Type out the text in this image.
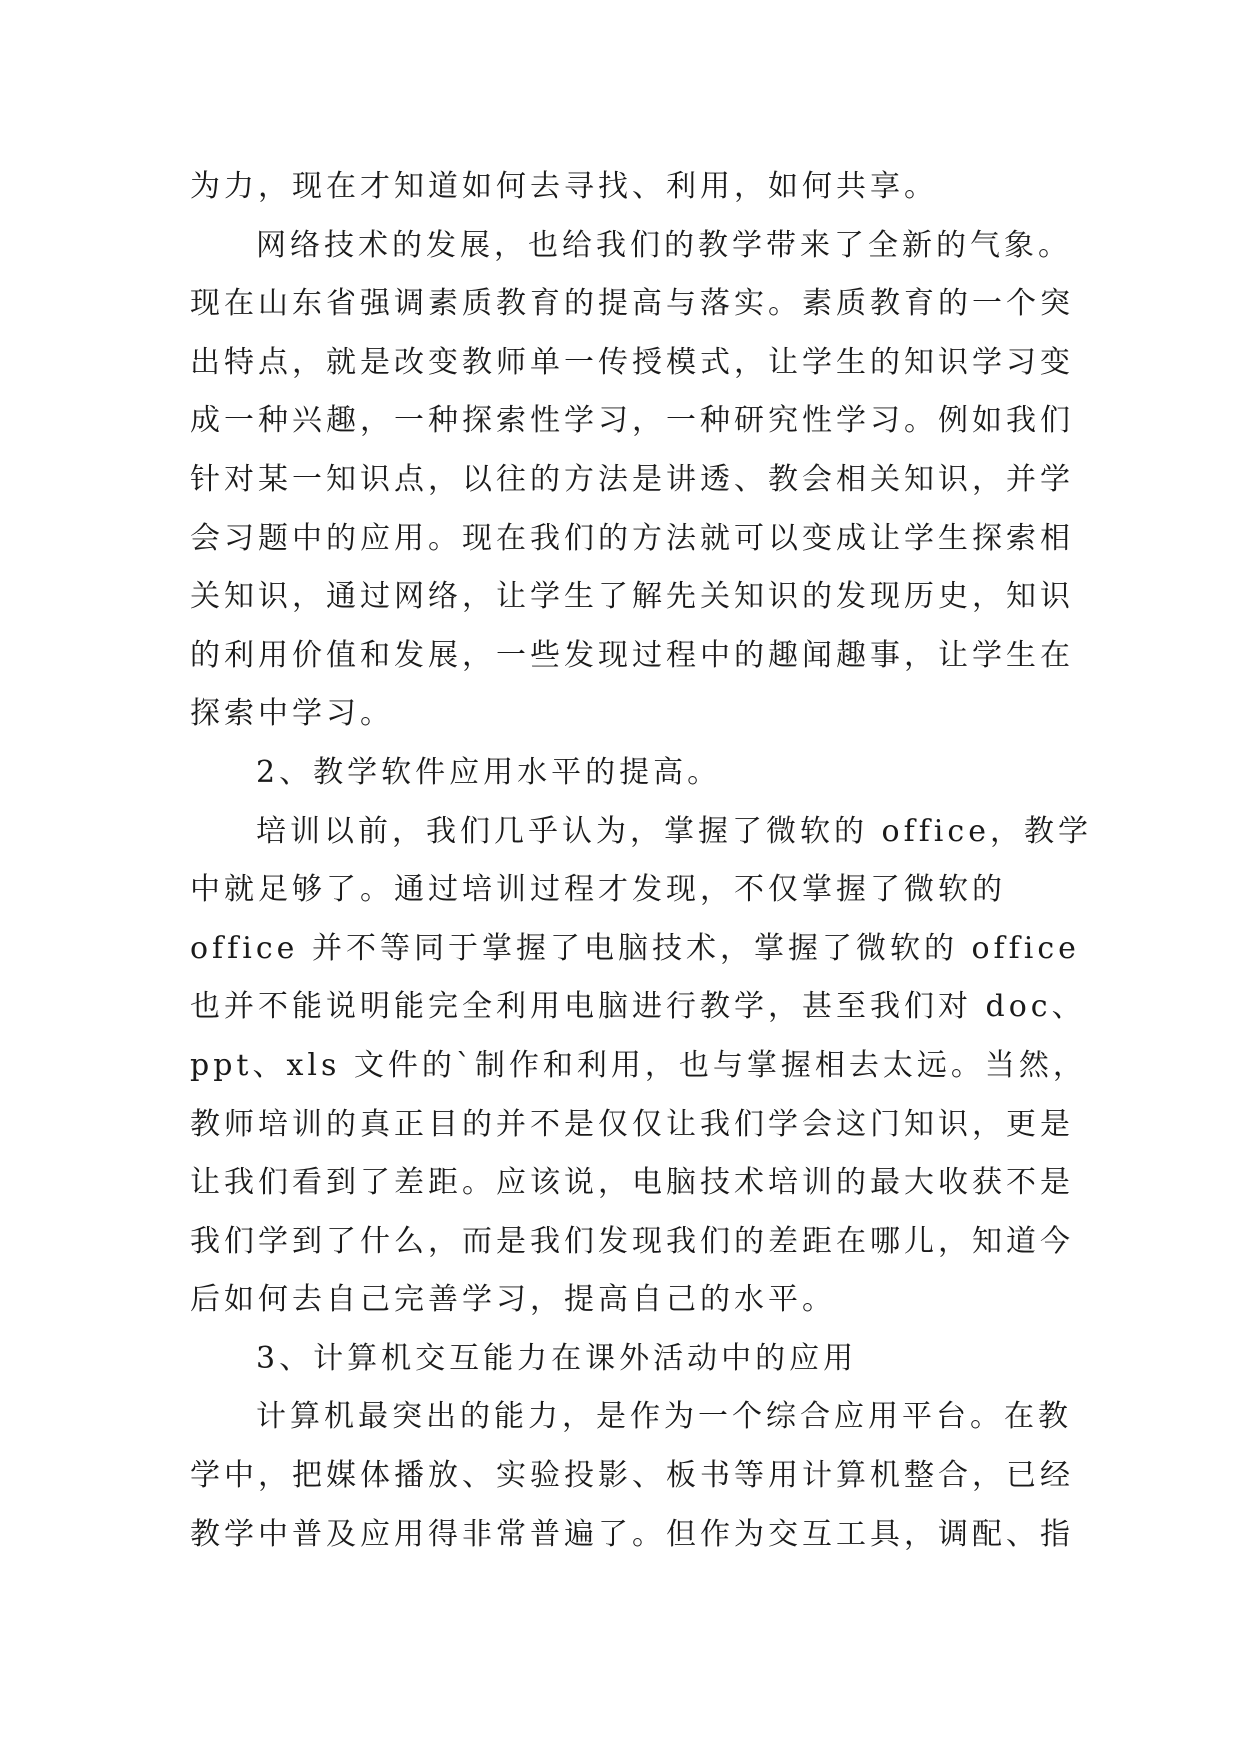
为力，现在才知道如何去寻找、利用，如何共享。
网络技术的发展，也给我们的教学带来了全新的气象。
现在山东省强调素质教育的提高与落实。素质教育的一个突
出特点，就是改变教师单一传授模式，让学生的知识学习变
成一种兴趣，一种探索性学习，一种研究性学习。例如我们
针对某一知识点，以往的方法是讲透、教会相关知识，并学
会习题中的应用。现在我们的方法就可以变成让学生探索相
关知识，通过网络，让学生了解先关知识的发现历史，知识
的利用价值和发展，一些发现过程中的趣闻趣事，让学生在
探索中学习。
2、教学软件应用水平的提高。
培训以前，我们几乎认为，掌握了微软的 office，教学
中就足够了。通过培训过程才发现，不仅掌握了微软的
office 并不等同于掌握了电脑技术，掌握了微软的 office
也并不能说明能完全利用电脑进行教学，甚至我们对 doc、
ppt、xls 文件的`制作和利用，也与掌握相去太远。当然，
教师培训的真正目的并不是仅仅让我们学会这门知识，更是
让我们看到了差距。应该说，电脑技术培训的最大收获不是
我们学到了什么，而是我们发现我们的差距在哪儿，知道今
后如何去自己完善学习，提高自己的水平。
3、计算机交互能力在课外活动中的应用
计算机最突出的能力，是作为一个综合应用平台。在教
学中，把媒体播放、实验投影、板书等用计算机整合，已经
教学中普及应用得非常普遍了。但作为交互工具，调配、指
